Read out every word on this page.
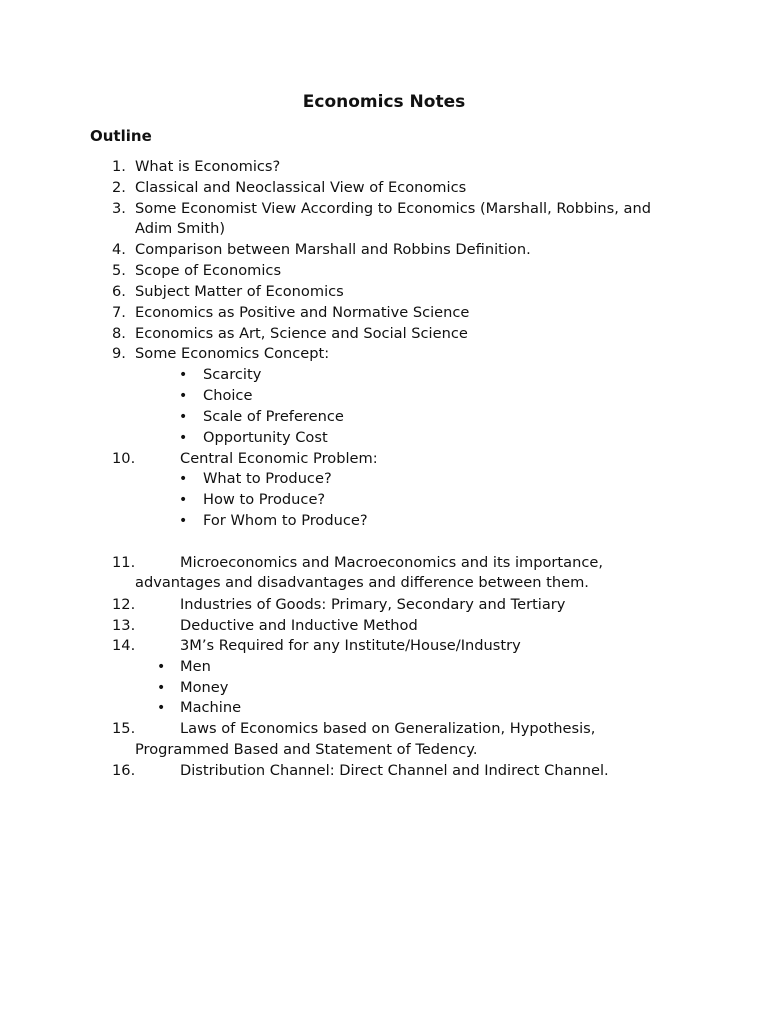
Economics Notes
Outline
1. What is Economics?
2. Classical and Neoclassical View of Economics
3. Some Economist View According to Economics (Marshall, Robbins, and
Adim Smith)
4. Comparison between Marshall and Robbins Definition.
5. Scope of Economics
6. Subject Matter of Economics
7. Economics as Positive and Normative Science
8. Economics as Art, Science and Social Science
9. Some Economics Concept:
• Scarcity
• Choice
• Scale of Preference
• Opportunity Cost
10.	Central Economic Problem:
• What to Produce?
• How to Produce?
• For Whom to Produce?
11.	Microeconomics and Macroeconomics and its importance,
advantages and disadvantages and difference between them.
12.	Industries of Goods: Primary, Secondary and Tertiary
13.	Deductive and Inductive Method
14.	3M’s Required for any Institute/House/Industry
• Men
• Money
• Machine
15.	Laws of Economics based on Generalization, Hypothesis,
Programmed Based and Statement of Tedency.
16.	Distribution Channel: Direct Channel and Indirect Channel.
